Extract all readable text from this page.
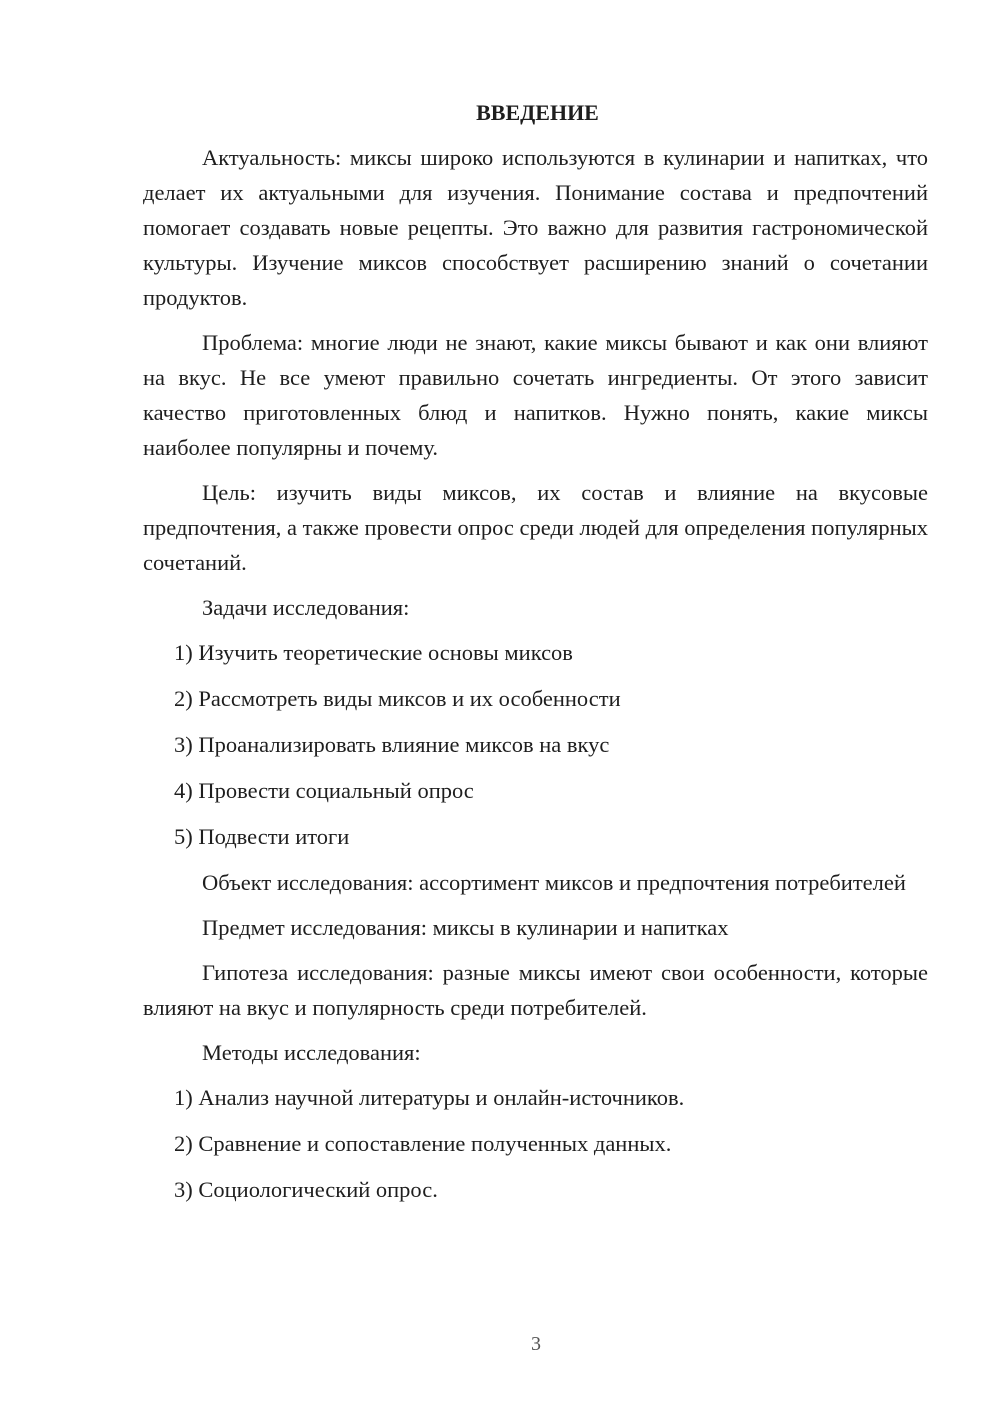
ВВЕДЕНИЕ

Актуальность: миксы широко используются в кулинарии и напитках, что делает их актуальными для изучения. Понимание состава и предпочтений помогает создавать новые рецепты. Это важно для развития гастрономической культуры. Изучение миксов способствует расширению знаний о сочетании продуктов.

Проблема: многие люди не знают, какие миксы бывают и как они влияют на вкус. Не все умеют правильно сочетать ингредиенты. От этого зависит качество приготовленных блюд и напитков. Нужно понять, какие миксы наиболее популярны и почему.

Цель: изучить виды миксов, их состав и влияние на вкусовые предпочтения, а также провести опрос среди людей для определения популярных сочетаний.

Задачи исследования:

1) Изучить теоретические основы миксов
2) Рассмотреть виды миксов и их особенности
3) Проанализировать влияние миксов на вкус
4) Провести социальный опрос
5) Подвести итоги

Объект исследования: ассортимент миксов и предпочтения потребителей

Предмет исследования: миксы в кулинарии и напитках

Гипотеза исследования: разные миксы имеют свои особенности, которые влияют на вкус и популярность среди потребителей.

Методы исследования:

1) Анализ научной литературы и онлайн-источников.
2) Сравнение и сопоставление полученных данных.
3) Социологический опрос.
3
